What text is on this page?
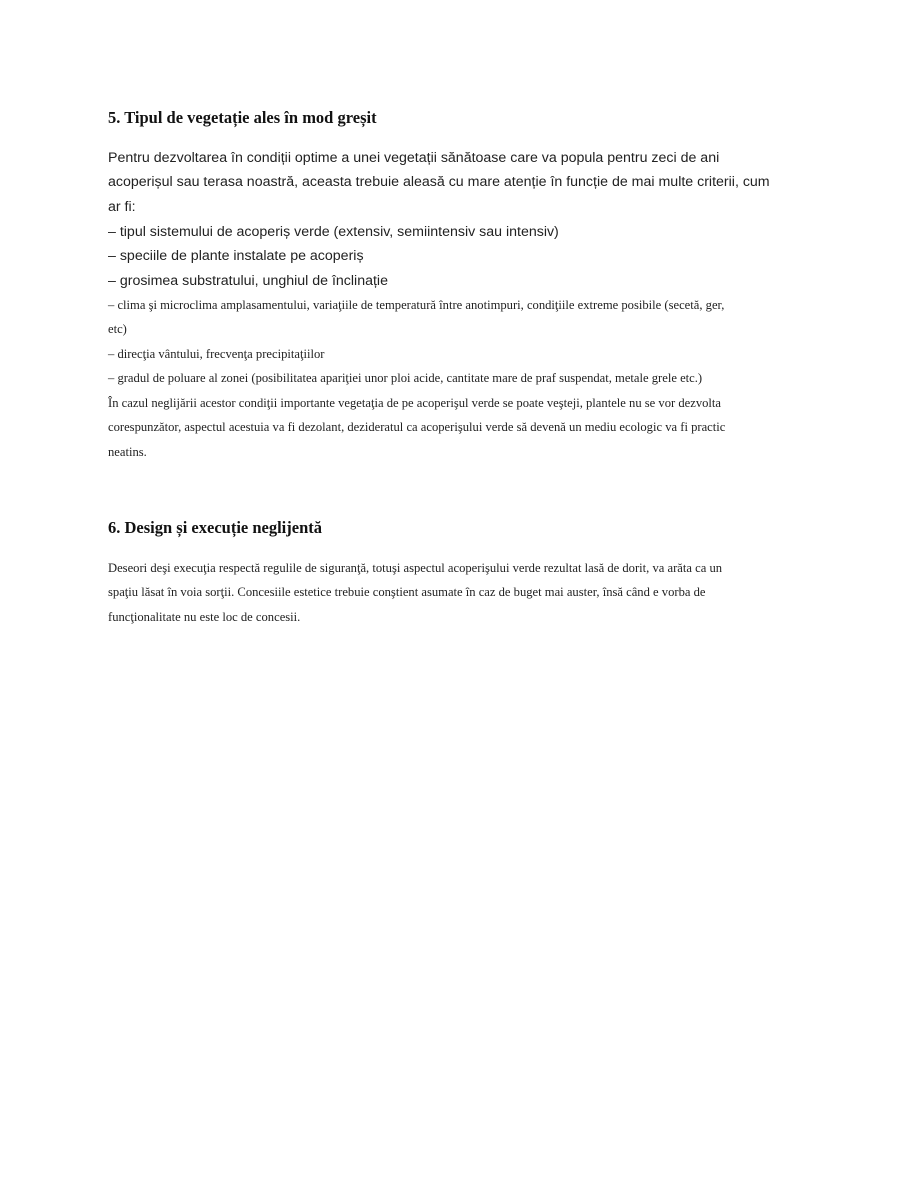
5. Tipul de vegetație ales în mod greșit
Pentru dezvoltarea în condiții optime a unei vegetații sănătoase care va popula pentru zeci de ani
acoperișul sau terasa noastră, aceasta trebuie aleasă cu mare atenție în funcție de mai multe criterii, cum
ar fi:
– tipul sistemului de acoperiș verde (extensiv, semiintensiv sau intensiv)
– speciile de plante instalate pe acoperiș
– grosimea substratului, unghiul de înclinație
– clima şi microclima amplasamentului, variaţiile de temperatură între anotimpuri, condiţiile extreme posibile (secetă, ger,
etc)
– direcţia vântului, frecvenţa precipitaţiilor
– gradul de poluare al zonei (posibilitatea apariţiei unor ploi acide, cantitate mare de praf suspendat, metale grele etc.)
În cazul neglijării acestor condiţii importante vegetaţia de pe acoperişul verde se poate veşteji, plantele nu se vor dezvolta
corespunzător, aspectul acestuia va fi dezolant, dezideratul ca acoperişului verde să devenă un mediu ecologic va fi practic
neatins.
6. Design și execuție neglijentă
Deseori deşi execuţia respectă regulile de siguranţă, totuşi aspectul acoperişului verde rezultat lasă de dorit, va arăta ca un
spaţiu lăsat în voia sorţii. Concesiile estetice trebuie conştient asumate în caz de buget mai auster, însă când e vorba de
funcţionalitate nu este loc de concesii.
